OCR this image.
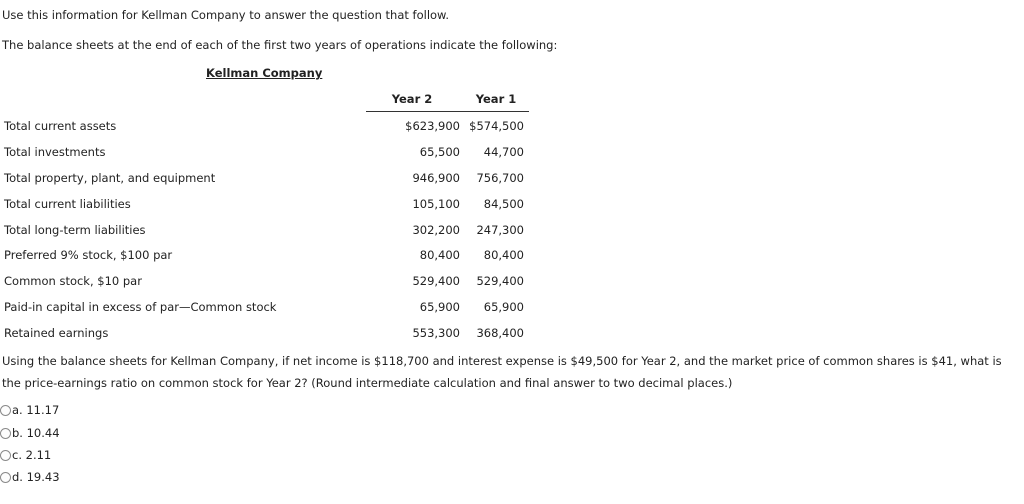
Use this information for Kellman Company to answer the question that follow.
The balance sheets at the end of each of the first two years of operations indicate the following:
Kellman Company
Year 2	Year 1
Total current assets	$623,900 $574,500
Total investments	65,500 44,700
Total property, plant, and equipment	946,900 756,700
Total current liabilities	105,100 84,500
Total long-term liabilities	302,200 247,300
Preferred 9% stock, $100 par	80,400 80,400
Common stock, $10 par	529,400 529,400
Paid-in capital in excess of par—Common stock	65,900 65,900
Retained earnings	553,300 368,400
Using the balance sheets for Kellman Company, if net income is $118,700 and interest expense is $49,500 for Year 2, and the market price of common shares is $41, what is the price-earnings ratio on common stock for Year 2? (Round intermediate calculation and final answer to two decimal places.)
a. 11.17
b. 10.44
c. 2.11
d. 19.43
